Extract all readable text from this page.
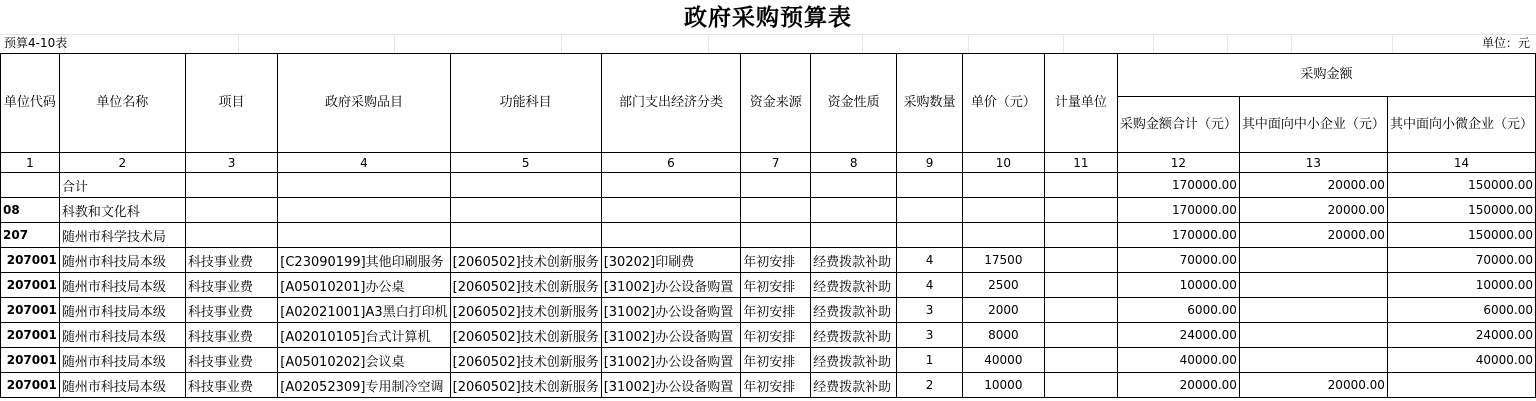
政府采购预算表
预算4-10表	单位：元
单位代码	单位名称	项目	政府采购品目	功能科目	部门支出经济分类	资金来源	资金性质	采购数量	单价（元）	计量单位	采购金额		
											采购金额合计（元）	其中面向中小企业（元）	其中面向小微企业（元）
1	2	3	4	5	6	7	8	9	10	11	12	13	14
	合计										170000.00	20000.00	150000.00
08	科教和文化科										170000.00	20000.00	150000.00
207	随州市科学技术局										170000.00	20000.00	150000.00
207001	随州市科技局本级	科技事业费	[C23090199]其他印刷服务	[2060502]技术创新服务	[30202]印刷费	年初安排	经费拨款补助	4	17500		70000.00		70000.00
207001	随州市科技局本级	科技事业费	[A05010201]办公桌	[2060502]技术创新服务	[31002]办公设备购置	年初安排	经费拨款补助	4	2500		10000.00		10000.00
207001	随州市科技局本级	科技事业费	[A02021001]A3黑白打印机	[2060502]技术创新服务	[31002]办公设备购置	年初安排	经费拨款补助	3	2000		6000.00		6000.00
207001	随州市科技局本级	科技事业费	[A02010105]台式计算机	[2060502]技术创新服务	[31002]办公设备购置	年初安排	经费拨款补助	3	8000		24000.00		24000.00
207001	随州市科技局本级	科技事业费	[A05010202]会议桌	[2060502]技术创新服务	[31002]办公设备购置	年初安排	经费拨款补助	1	40000		40000.00		40000.00
207001	随州市科技局本级	科技事业费	[A02052309]专用制冷空调	[2060502]技术创新服务	[31002]办公设备购置	年初安排	经费拨款补助	2	10000		20000.00	20000.00	
